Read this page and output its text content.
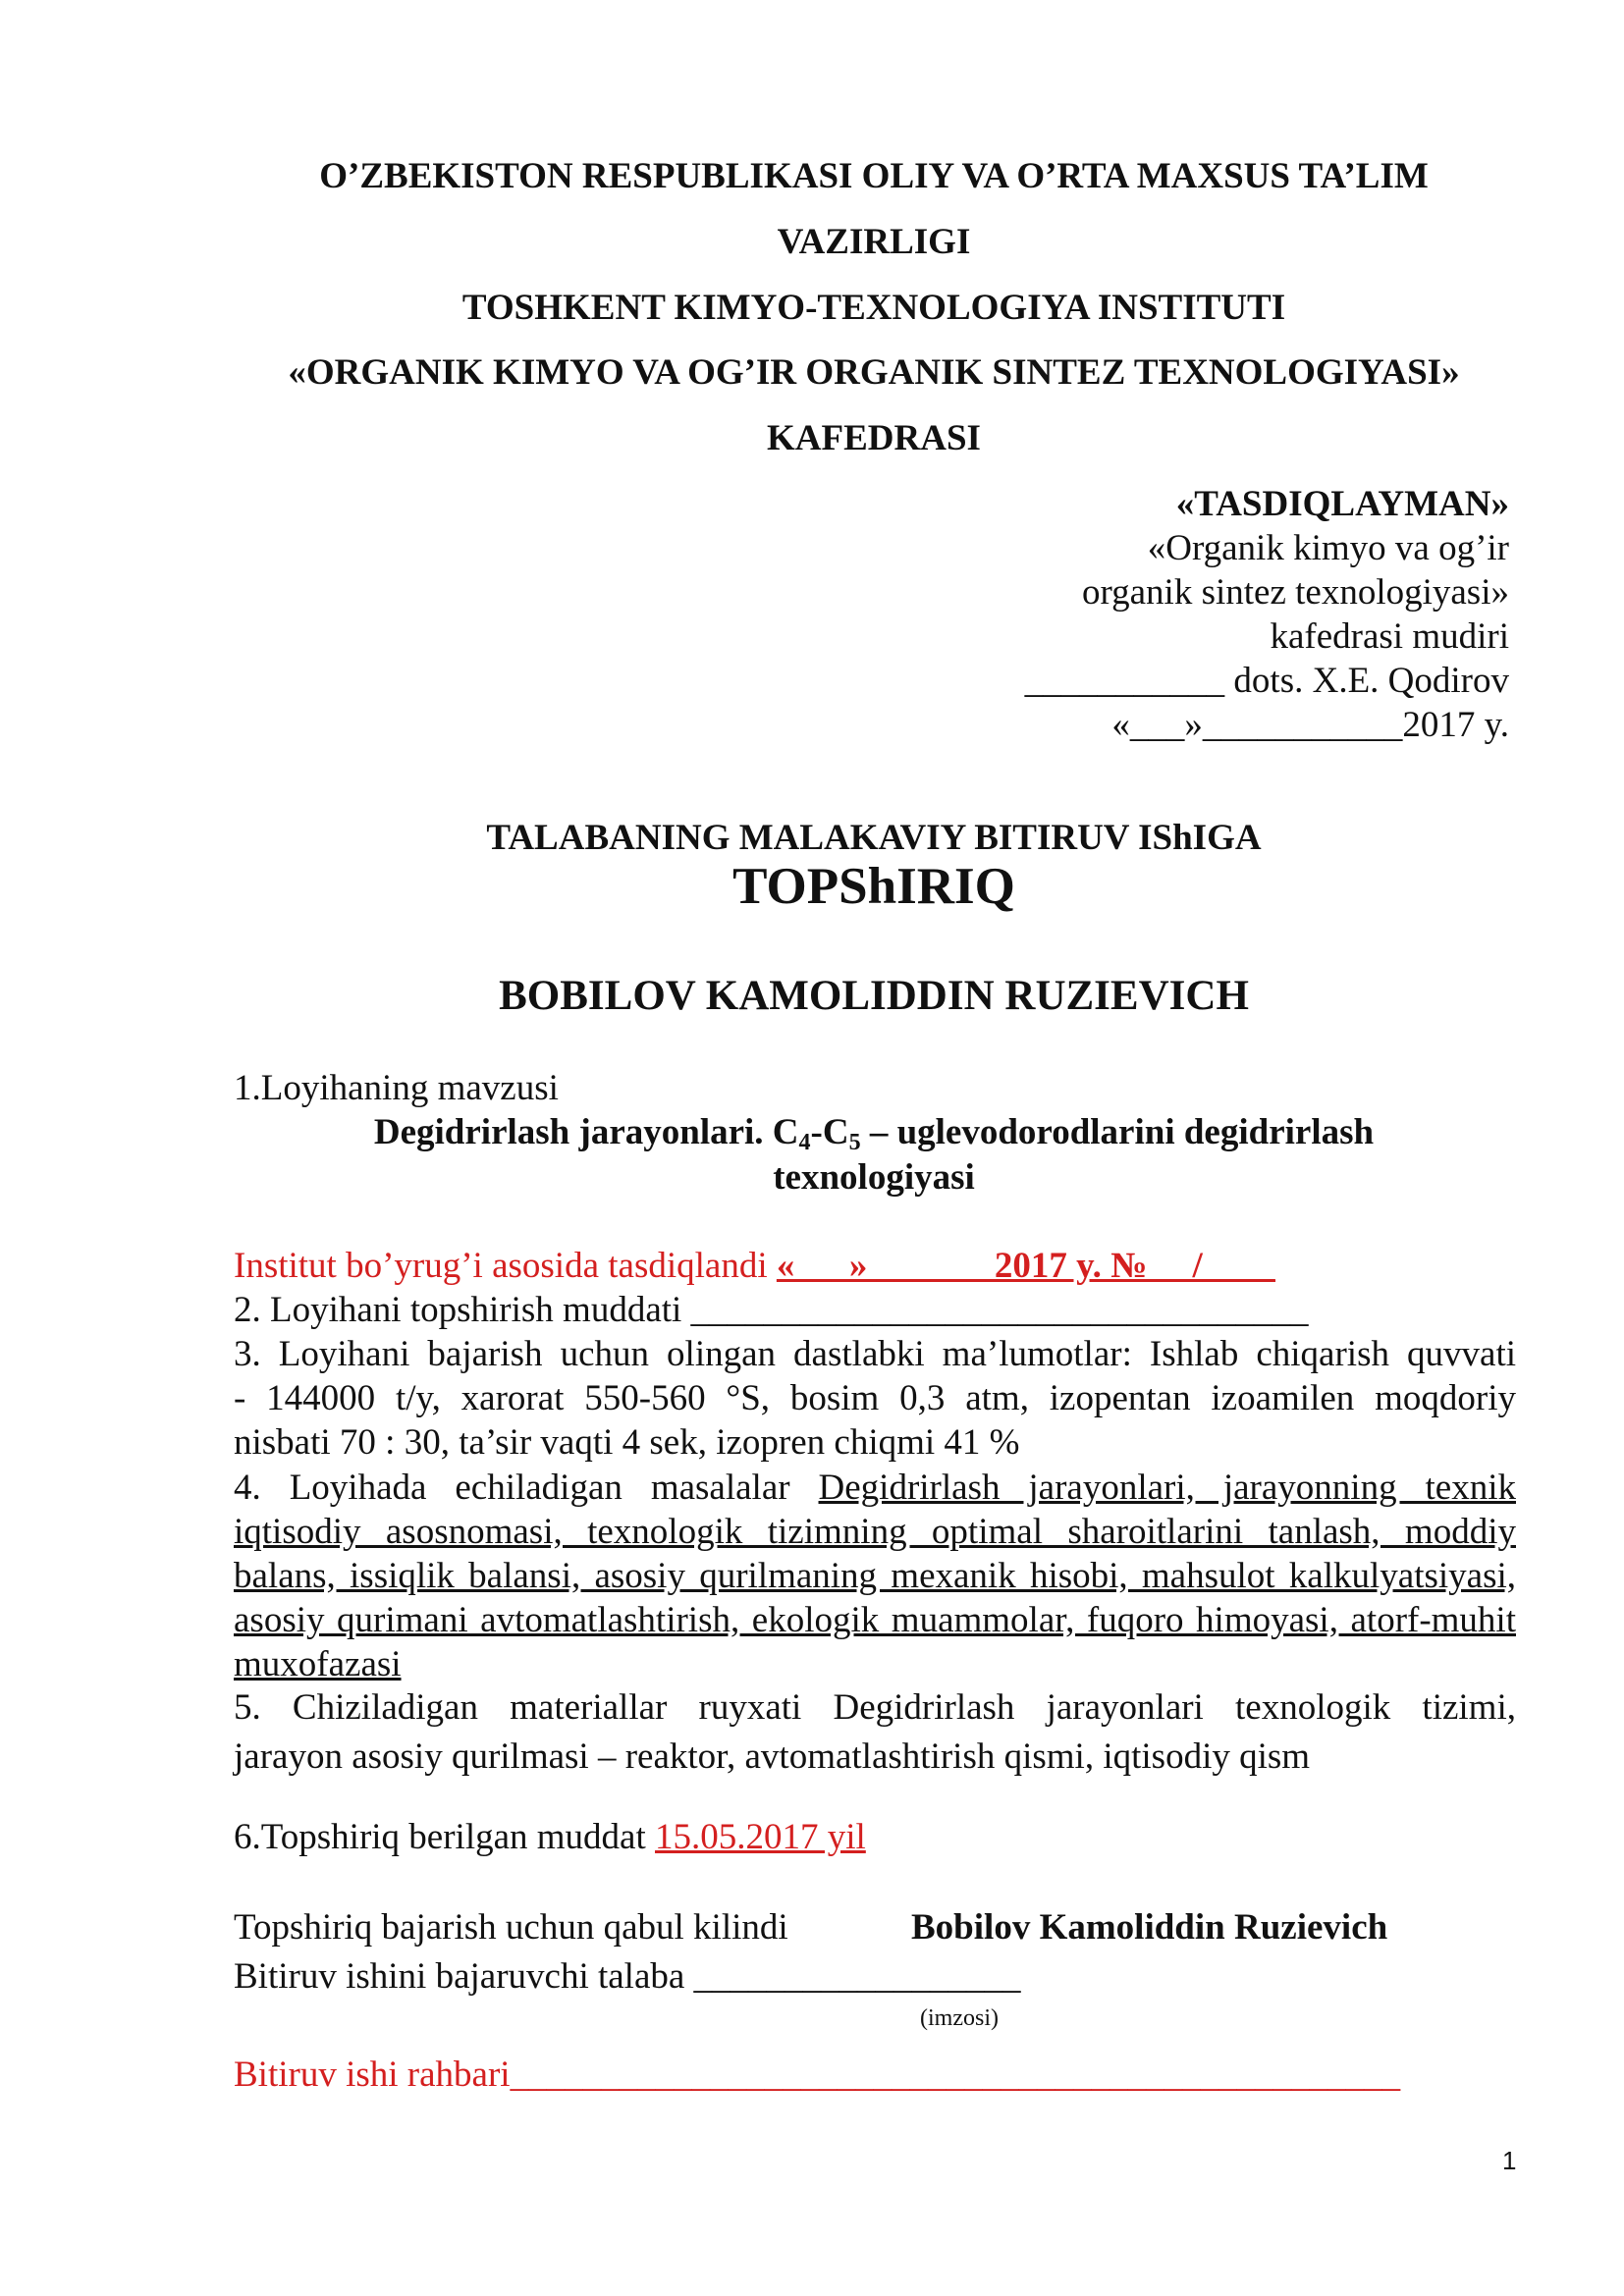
O’ZBEKISTON RESPUBLIKASI OLIY VA O’RTA MAXSUS TA’LIM
VAZIRLIGI
TOSHKENT KIMYO-TEXNOLOGIYA INSTITUTI
«ORGANIK KIMYO VA OG’IR ORGANIK SINTEZ TEXNOLOGIYASI»
KAFEDRASI
«TASDIQLAYMAN»
«Organik kimyo va og’ir
organik sintez texnologiyasi»
kafedrasi mudiri
___________ dots. X.E. Qodirov
«___»___________2017 y.
TALABANING MALAKAVIY BITIRUV IShIGA
TOPShIRIQ
BOBILOV KAMOLIDDIN RUZIEVICH
1.Loyihaning mavzusi
Degidrirlash jarayonlari. $C_4-C_5$ – uglevodorodlarini degidrirlash
texnologiyasi
Institut bo’yrug’i asosida tasdiqlandi «___» ______ 2017 y. № __/____
2. Loyihani topshirish muddati __________________________________
3. Loyihani bajarish uchun olingan dastlabki ma’lumotlar: Ishlab chiqarish quvvati
- 144000 t/y, xarorat 550-560 °S, bosim 0,3 atm, izopentan izoamilen moqdoriy
nisbati 70 : 30, ta’sir vaqti 4 sek, izopren chiqmi 41 %
4. Loyihada echiladigan masalalar Degidrirlash jarayonlari, jarayonning texnik iqtisodiy asosnomasi, texnologik tizimning optimal sharoitlarini tanlash, moddiy balans, issiqlik balansi, asosiy qurilmaning mexanik hisobi, mahsulot kalkulyatsiyasi, asosiy qurimani avtomatlashtirish, ekologik muammolar, fuqoro himoyasi, atorf-muhit muxofazasi
5. Chiziladigan materiallar ruyxati Degidrirlash jarayonlari texnologik tizimi,
jarayon asosiy qurilmasi – reaktor, avtomatlashtirish qismi, iqtisodiy qism
6.Topshiriq berilgan muddat 15.05.2017 yil
Topshiriq bajarish uchun qabul kilindi	Bobilov Kamoliddin Ruzievich
Bitiruv ishini bajaruvchi talaba __________________
(imzosi)
Bitiruv ishi rahbari_________________________________________________
1
